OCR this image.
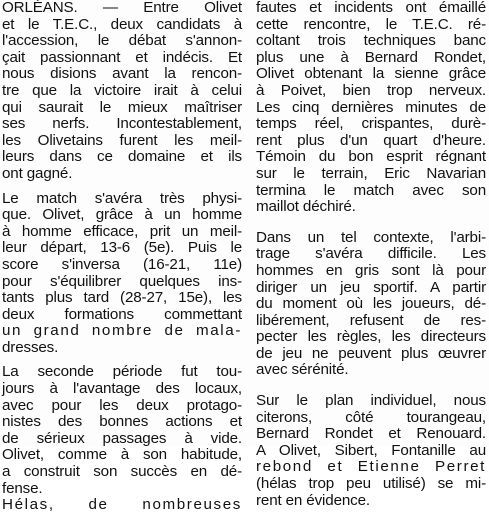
ORLÉANS. — Entre Olivet
et le T.E.C., deux candidats à
l'accession, le débat s'annon-
çait passionnant et indécis. Et
nous disions avant la rencon-
tre que la victoire irait à celui
qui saurait le mieux maîtriser
ses nerfs. Incontestablement,
les Olivetains furent les meil-
leurs dans ce domaine et ils
ont gagné.
Le match s'avéra très physi-
que. Olivet, grâce à un homme
à homme efficace, prit un meil-
leur départ, 13-6 (5e). Puis le
score s'inversa (16-21, 11e)
pour s'équilibrer quelques ins-
tants plus tard (28-27, 15e), les
deux formations commettant
un grand nombre de mala-
dresses.
La seconde période fut tou-
jours à l'avantage des locaux,
avec pour les deux protago-
nistes des bonnes actions et
de sérieux passages à vide.
Olivet, comme à son habitude,
a construit son succès en dé-
fense.
Hélas, de nombreuses
fautes et incidents ont émaillé
cette rencontre, le T.E.C. ré-
coltant trois techniques banc
plus une à Bernard Rondet,
Olivet obtenant la sienne grâce
à Poivet, bien trop nerveux.
Les cinq dernières minutes de
temps réel, crispantes, durè-
rent plus d'un quart d'heure.
Témoin du bon esprit régnant
sur le terrain, Eric Navarian
termina le match avec son
maillot déchiré.
Dans un tel contexte, l'arbi-
trage s'avéra difficile. Les
hommes en gris sont là pour
diriger un jeu sportif. A partir
du moment où les joueurs, dé-
libérement, refusent de res-
pecter les règles, les directeurs
de jeu ne peuvent plus œuvrer
avec sérénité.
Sur le plan individuel, nous
citerons, côté tourangeau,
Bernard Rondet et Renouard.
A Olivet, Sibert, Fontanille au
rebond et Etienne Perret
(hélas trop peu utilisé) se mi-
rent en évidence.
